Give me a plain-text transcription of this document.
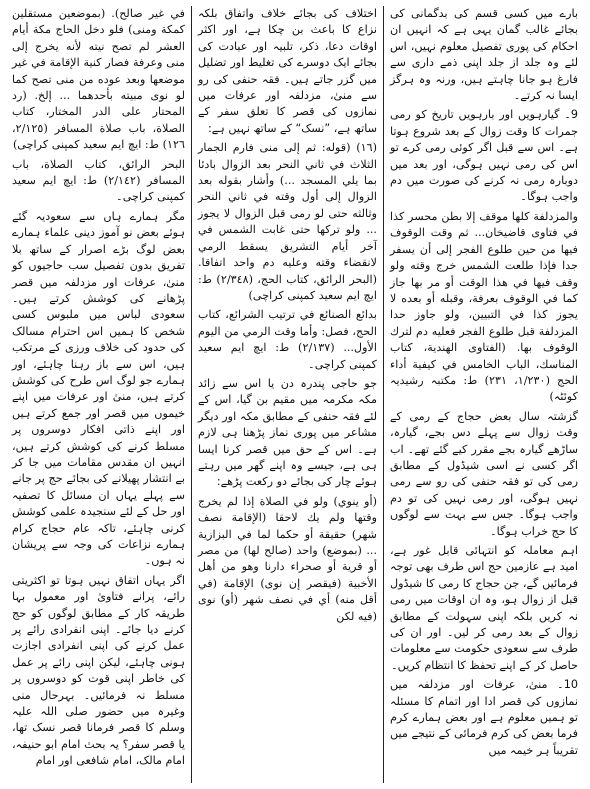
بارے میں کسی قسم کی بدگمانی کی بجائے غالب گمان یہی ہے کہ انہیں ان احکام کی پوری تفصیل معلوم نہیں، اس لئے وہ جلد از جلد اپنی ذمے داری سے فارغ ہو جانا چاہتے ہیں، ورنہ وہ ہرگز ایسا نہ کرتے۔

9۔ گیارہویں اور بارہویں تاریخ کو رمی جمرات کا وقت زوال کے بعد شروع ہوتا ہے۔ اس سے قبل اگر کوئی رمی کرے تو اس کی رمی نہیں ہوگی، اور بعد میں دوبارہ رمی نہ کرنے کی صورت میں دم واجب ہوگا۔

والمزدلفة كلها موقف إلا بطن محسر كذا في فتاوى قاضيخان... ثم وقت الوقوف فيها من حين طلوع الفجر إلى أن يسفر جدا فإذا طلعت الشمس خرج وقته ولو وقف فيها في هذا الوقت أو مر بها جاز كما في الوقوف بعرفة، وقبله أو بعده لا يجوز كذا في التبيين، ولو جاوز حدا المزدلفة قبل طلوع الفجر فعليه دم لترك الوقوف بها. (الفتاوى الهندية، كتاب المناسك، الباب الخامس في كيفية أداء الحج (١/٢٣٠، ٢٣١) ط: مكتبہ رشیدیہ کوئٹہ)

گزشتہ سال بعض حجاج کے رمی کے وقت زوال سے پہلے دس بجے، گیارہ، ساڑھے گیارہ بجے مقرر کیے گئے تھے۔ اب اگر کسی نے اسی شیڈول کے مطابق رمی کی تو فقہ حنفی کی رو سے رمی نہیں ہوگی، اور رمی نہیں کی تو دم واجب ہوگا۔ جس سے بہت سے لوگوں کا حج خراب ہوگا۔

اہم معاملہ کو انتہائی قابل غور ہے، امید ہے عازمین حج اس طرف بھی توجہ فرمائیں گے، جن حجاج کا رمی کا شیڈول قبل از زوال ہو، وہ ان اوقات میں رمی نہ کریں بلکہ اپنی سہولت کے مطابق زوال کے بعد رمی کر لیں۔ اور ان کی طرف سے سعودی حکومت سے معلومات حاصل کر کے اپنے تحفظ کا انتظام کریں۔

10۔ منیٰ، عرفات اور مزدلفہ میں نمازوں کی قصر ادا اور اتمام کا مسئلہ تو ہمیں معلوم ہے اور بعض ہمارے کرم فرما بعض کی کرم فرمائی کے نتیجے میں تقریباً ہر خیمہ میں

اختلاف کی بجائے خلاف واتفاق بلکہ نزاع کا باعث بن چکا ہے، اور اکثر اوقات دعا، ذکر، تلبیہ اور عبادت کی بجائے ایک دوسرے کی تغلیط اور تضلیل میں گزر جاتے ہیں۔ فقہ حنفی کی رو سے منیٰ، مزدلفہ اور عرفات میں نمازوں کی قصر کا تعلق سفر کے ساتھ ہے، ”نسک“ کے ساتھ نہیں ہے:

(١٦) (قوله: ثم إلى منى فارم الجمار الثلاث في ثاني النحر بعد الزوال بادئا بما يلي المسجد ...) وأشار بقوله بعد الزوال إلى أول وقته في ثاني النحر وثالثه حتى لو رمى قبل الزوال لا يجوز ... ولو تركها حتى غابت الشمس في آخر أيام التشريق يسقط الرمي لانقضاء وقته وعليه دم واحد اتفاقا. (البحر الرائق، كتاب الحج، (٢/٣٤٨) ط: ایچ ایم سعید کمپنی کراچی)

بدائع الصنائع في ترتيب الشرائع، كتاب الحج، فصل: وأما وقت الرمي من اليوم الأول... (٢/١٣٧) ط: ایچ ایم سعید کمپنی کراچی۔

جو حاجی پندرہ دن یا اس سے زائد مکہ مکرمہ میں مقیم بن گیا، اس کے لئے فقہ حنفی کے مطابق مکہ اور دیگر مشاعر میں پوری نماز پڑھنا ہی لازم ہے۔ اس کے حق میں قصر کرنا ایسا ہی ہے، جیسے وہ اپنے گھر میں رہتے ہوئے چار کی بجائے دو رکعت پڑھے:

(أو ينوي) ولو في الصلاة إذا لم يخرج وقتها ولم يك لاحقا (الإقامة نصف شهر) حقيقة أو حكما لما في البزازية ... (بموضع) واحد (صالح لها) من مصر أو قرية أو صحراء دارنا وهو من أهل الأخبية (فيقصر إن نوى) الإقامة (في أقل منه) أي في نصف شهر (أو) نوى (فيه لكن

في غير صالح). (بموضعين مستقلين كمكة ومنى) فلو دخل الحاج مكة أيام العشر لم تصح نيته لأنه يخرج إلى منى وعرفة فصار كنية الإقامة في غير موضعها وبعد عوده من منى تصح كما لو نوى مبيته بأحدهما ... إلخ. (رد المحتار على الدر المختار، كتاب الصلاة، باب صلاة المسافر (٢/١٢٥، ١٢٦) ط: ایچ ایم سعید کمپنی کراچی)

البحر الرائق، كتاب الصلاة، باب المسافر (٢/١٤٢) ط: ایچ ایم سعید کمپنی کراچی۔

مگر ہمارے ہاں سے سعودیہ گئے ہوئے بعض نو آموز دینی علماء ہمارے بعض لوگ بڑے اصرار کے ساتھ بلا تفریق بدون تفصیل سب حاجیوں کو منیٰ، عرفات اور مزدلفہ میں قصر پڑھانے کی کوشش کرتے ہیں۔ سعودی لباس میں ملبوس کسی شخص کا ہمیں اس احترام مسالک کی حدود کی خلاف ورزی کے مرتکب ہیں، اس سے باز رہنا چاہئے، اور ہمارے جو لوگ اس طرح کی کوشش کرتے ہیں، منیٰ اور عرفات میں اپنے خیموں میں قصر اور جمع کرتے ہیں اور اپنے ذاتی افکار دوسروں پر مسلط کرنے کی کوشش کرتے ہیں، انہیں ان مقدس مقامات میں جا کر بے انتشار پھیلانے کی بجائے حج پر جانے سے پہلے یہاں ان مسائل کا تصفیہ اور حل کے لئے سنجیدہ علمی کوشش کرنی چاہئے، تاکہ عام حجاج کرام ہمارے نزاعات کی وجہ سے پریشان نہ ہوں۔

اگر یہاں اتفاق نہیں ہوتا تو اکثریتی رائے، پرانے فتاویٰ اور معمول بہا طریقہ کار کے مطابق لوگوں کو حج کرنے دیا جائے۔ اپنی انفرادی رائے پر عمل کرنے کی اپنی انفرادی اجازت ہونی چاہئے، لیکن اپنی رائے پر عمل کی خاطر اپنی قوت کو دوسروں پر مسلط نہ فرمائیں۔ بہرحال منی وغیرہ میں حضور صلی اللہ علیہ وسلم کا قصر فرمانا قصر نسک تھا، یا قصر سفر؟ یہ بحث امام ابو حنیفہ، امام مالک، امام شافعی اور امام
